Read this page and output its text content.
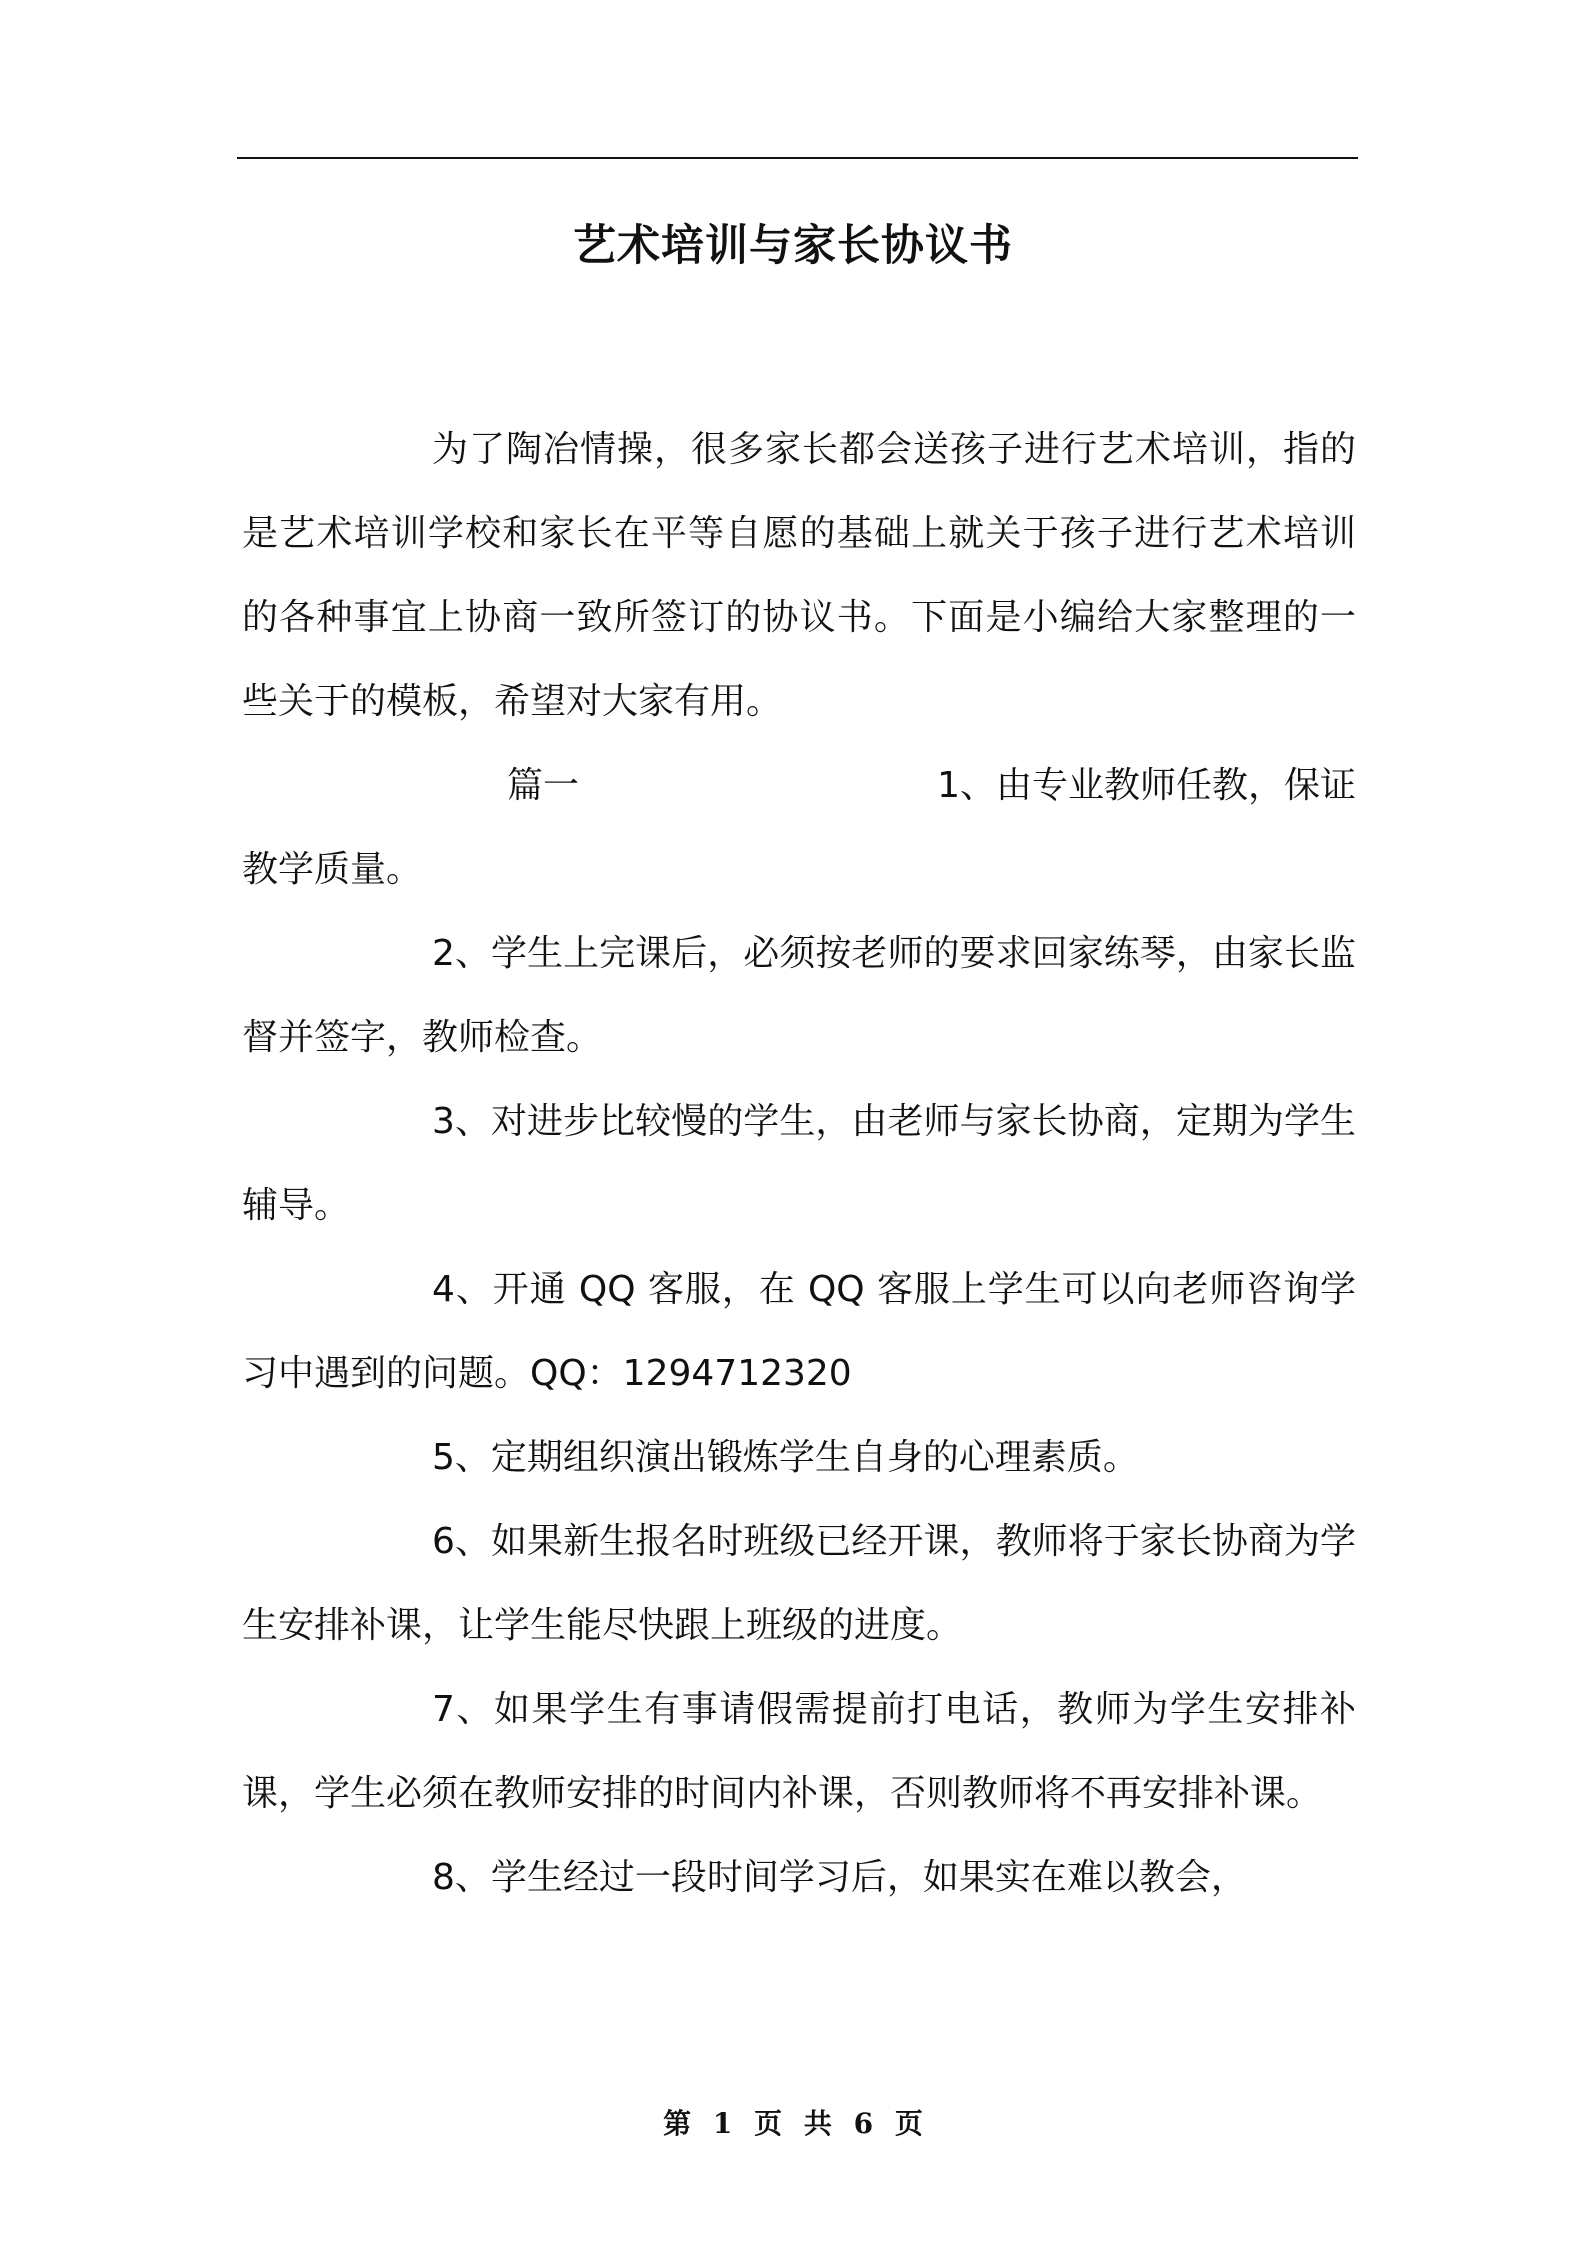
艺术培训与家长协议书

为了陶冶情操，很多家长都会送孩子进行艺术培训，指的是艺术培训学校和家长在平等自愿的基础上就关于孩子进行艺术培训的各种事宜上协商一致所签订的协议书。下面是小编给大家整理的一些关于的模板，希望对大家有用。

篇一	1、由专业教师任教，保证

教学质量。

2、学生上完课后，必须按老师的要求回家练琴，由家长监督并签字，教师检查。

3、对进步比较慢的学生，由老师与家长协商，定期为学生辅导。

4、开通 QQ 客服，在 QQ 客服上学生可以向老师咨询学习中遇到的问题。QQ：1294712320

5、定期组织演出锻炼学生自身的心理素质。

6、如果新生报名时班级已经开课，教师将于家长协商为学生安排补课，让学生能尽快跟上班级的进度。

7、如果学生有事请假需提前打电话，教师为学生安排补课，学生必须在教师安排的时间内补课，否则教师将不再安排补课。

8、学生经过一段时间学习后，如果实在难以教会，

第 1 页 共 6 页
